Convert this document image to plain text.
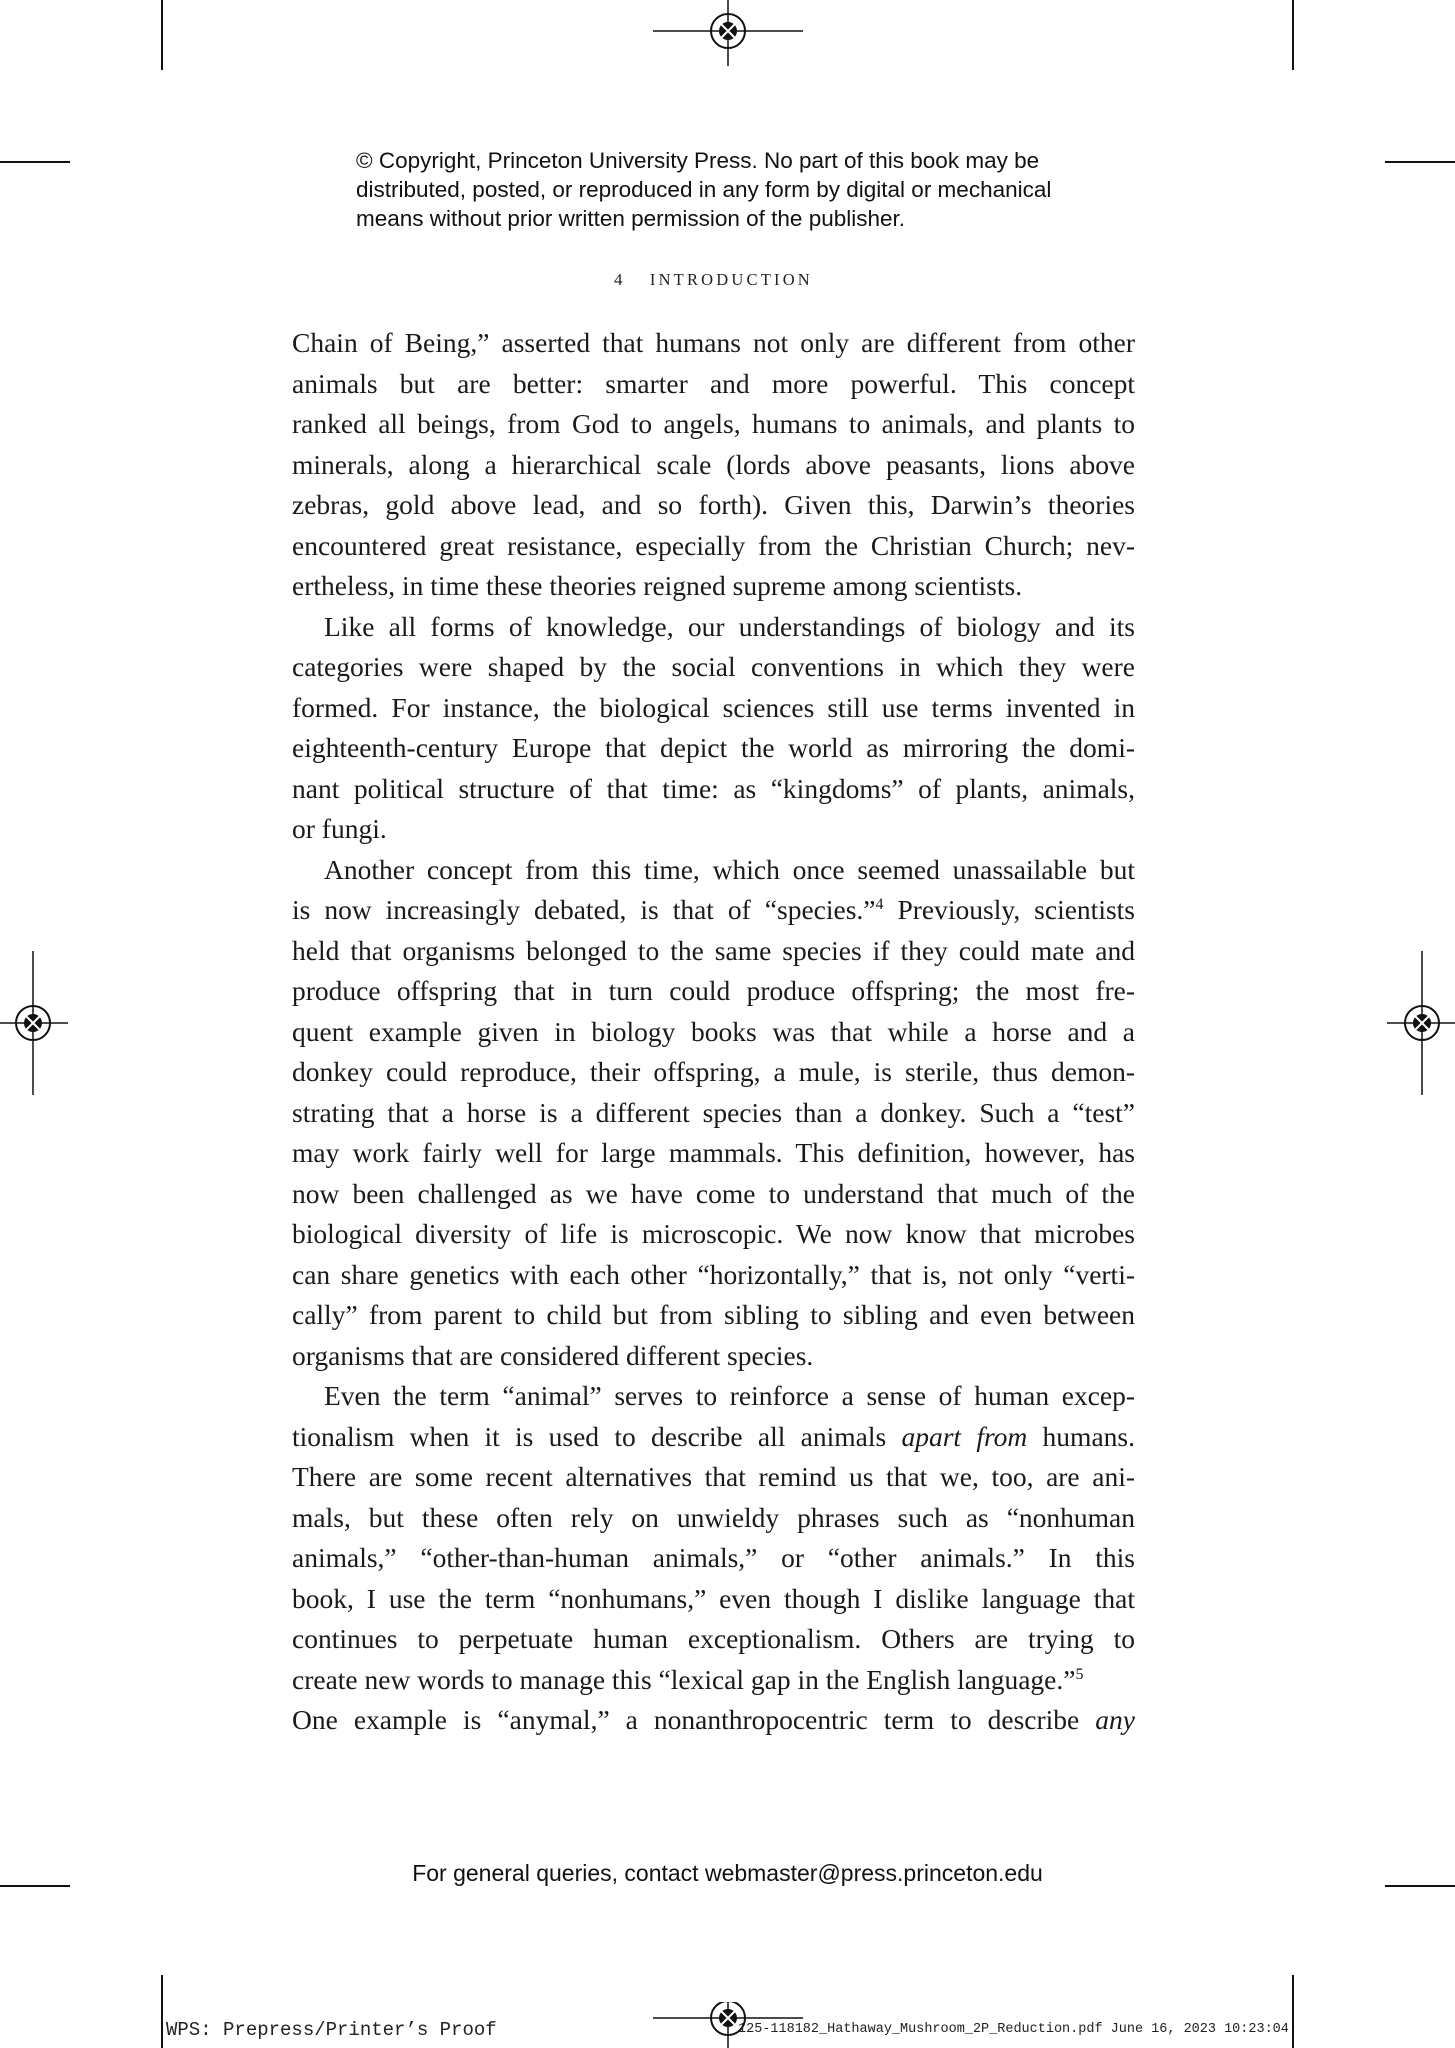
© Copyright, Princeton University Press. No part of this book may be
distributed, posted, or reproduced in any form by digital or mechanical
means without prior written permission of the publisher.
4 INTRODUCTION
Chain of Being,” asserted that humans not only are different from other
animals but are better: smarter and more powerful. This concept
ranked all beings, from God to angels, humans to animals, and plants to
minerals, along a hierarchical scale (lords above peasants, lions above
zebras, gold above lead, and so forth). Given this, Darwin’s theories
encountered great resistance, especially from the Christian Church; nev-
ertheless, in time these theories reigned supreme among scientists.
Like all forms of knowledge, our understandings of biology and its
categories were shaped by the social conventions in which they were
formed. For instance, the biological sciences still use terms invented in
eighteenth-century Europe that depict the world as mirroring the domi-
nant political structure of that time: as “kingdoms” of plants, animals,
or fungi.
Another concept from this time, which once seemed unassailable but
is now increasingly debated, is that of “species.”$^4$ Previously, scientists
held that organisms belonged to the same species if they could mate and
produce offspring that in turn could produce offspring; the most fre-
quent example given in biology books was that while a horse and a
donkey could reproduce, their offspring, a mule, is sterile, thus demon-
strating that a horse is a different species than a donkey. Such a “test”
may work fairly well for large mammals. This definition, however, has
now been challenged as we have come to understand that much of the
biological diversity of life is microscopic. We now know that microbes
can share genetics with each other “horizontally,” that is, not only “verti-
cally” from parent to child but from sibling to sibling and even between
organisms that are considered different species.
Even the term “animal” serves to reinforce a sense of human excep-
tionalism when it is used to describe all animals apart from humans.
There are some recent alternatives that remind us that we, too, are ani-
mals, but these often rely on unwieldy phrases such as “nonhuman
animals,” “other-than-human animals,” or “other animals.” In this
book, I use the term “nonhumans,” even though I dislike language that
continues to perpetuate human exceptionalism. Others are trying to
create new words to manage this “lexical gap in the English language.”$^5$
One example is “anymal,” a nonanthropocentric term to describe any
For general queries, contact webmaster@press.princeton.edu
WPS: Prepress/Printer’s Proof	125-118182_Hathaway_Mushroom_2P_Reduction.pdf June 16, 2023 10:23:04
